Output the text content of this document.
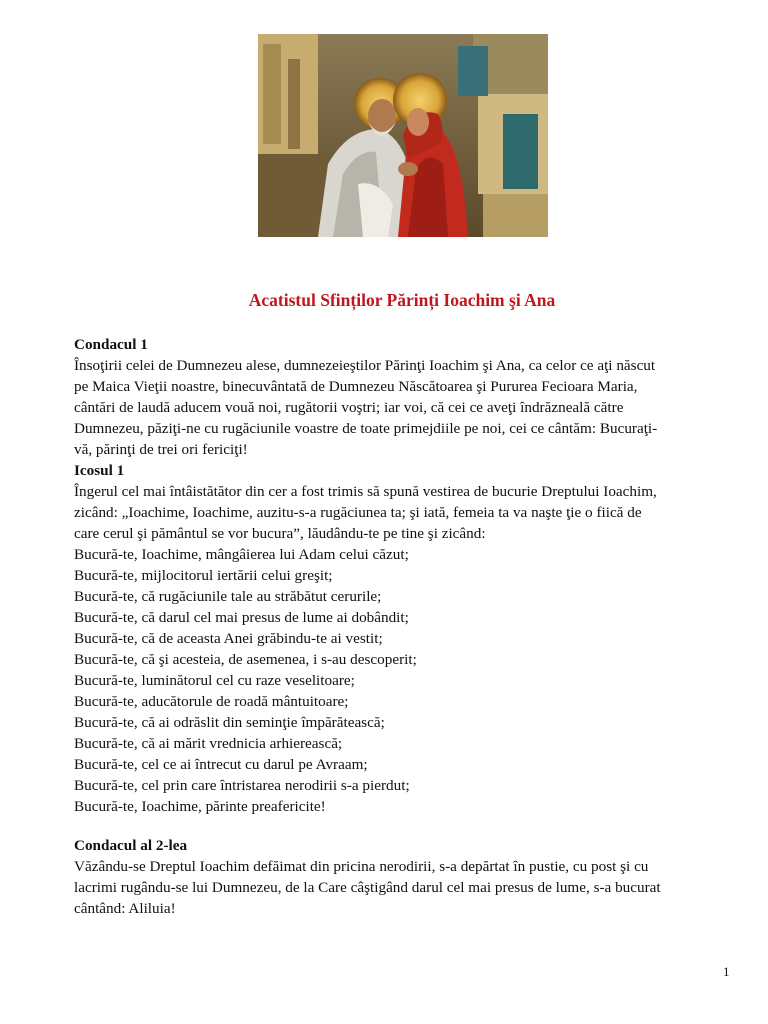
Acatistul Sfinților Părinți Ioachim şi Ana

Condacul 1

Însoţirii celei de Dumnezeu alese, dumnezeieştilor Părinţi Ioachim şi Ana, ca celor ce aţi născut

pe Maica Vieţii noastre, binecuvântată de Dumnezeu Născătoarea şi Pururea Fecioara Maria,

cântări de laudă aducem vouă noi, rugătorii voştri; iar voi, că cei ce aveţi îndrăzneală către

Dumnezeu, păziţi-ne cu rugăciunile voastre de toate primejdiile pe noi, cei ce cântăm: Bucuraţi-

vă, părinţi de trei ori fericiţi!

Icosul 1

Îngerul cel mai întâistătător din cer a fost trimis să spună vestirea de bucurie Dreptului Ioachim,

zicând: „Ioachime, Ioachime, auzitu-s-a rugăciunea ta; şi iată, femeia ta va naşte ţie o fiică de

care cerul şi pământul se vor bucura”, lăudându-te pe tine şi zicând:

Bucură-te, Ioachime, mângâierea lui Adam celui căzut;

Bucură-te, mijlocitorul iertării celui greşit;

Bucură-te, că rugăciunile tale au străbătut cerurile;

Bucură-te, că darul cel mai presus de lume ai dobândit;

Bucură-te, că de aceasta Anei grăbindu-te ai vestit;

Bucură-te, că şi acesteia, de asemenea, i s-au descoperit;

Bucură-te, luminătorul cel cu raze veselitoare;

Bucură-te, aducătorule de roadă mântuitoare;

Bucură-te, că ai odrăslit din seminţie împărătească;

Bucură-te, că ai mărit vrednicia arhierească;

Bucură-te, cel ce ai întrecut cu darul pe Avraam;

Bucură-te, cel prin care întristarea nerodirii s-a pierdut;

Bucură-te, Ioachime, părinte preafericite!

Condacul al 2-lea

Văzându-se Dreptul Ioachim defăimat din pricina nerodirii, s-a depărtat în pustie, cu post şi cu

lacrimi rugându-se lui Dumnezeu, de la Care câştigând darul cel mai presus de lume, s-a bucurat

cântând: Aliluia!

1
